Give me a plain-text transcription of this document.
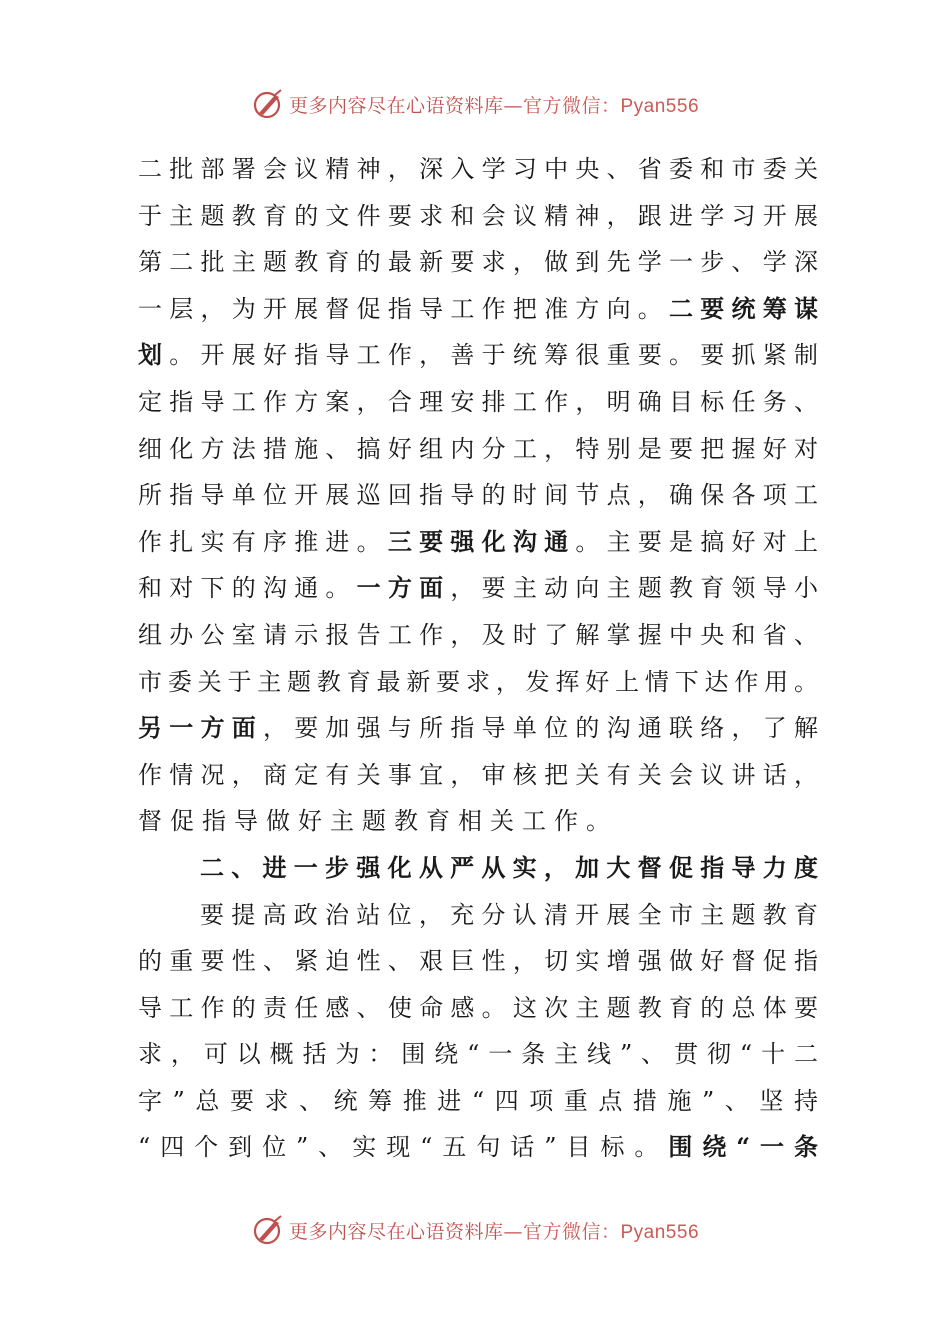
更多内容尽在心语资料库—官方微信：Pyan556
二批部署会议精神，深入学习中央、省委和市委关
于主题教育的文件要求和会议精神，跟进学习开展
第二批主题教育的最新要求，做到先学一步、学深
一层，为开展督促指导工作把准方向。二要统筹谋
划。开展好指导工作，善于统筹很重要。要抓紧制
定指导工作方案，合理安排工作，明确目标任务、
细化方法措施、搞好组内分工，特别是要把握好对
所指导单位开展巡回指导的时间节点，确保各项工
作扎实有序推进。三要强化沟通。主要是搞好对上
和对下的沟通。一方面，要主动向主题教育领导小
组办公室请示报告工作，及时了解掌握中央和省、
市委关于主题教育最新要求，发挥好上情下达作用。
另一方面，要加强与所指导单位的沟通联络，了解
作情况，商定有关事宜，审核把关有关会议讲话，
督促指导做好主题教育相关工作。
二、进一步强化从严从实，加大督促指导力度
要提高政治站位，充分认清开展全市主题教育
的重要性、紧迫性、艰巨性，切实增强做好督促指
导工作的责任感、使命感。这次主题教育的总体要
求，可以概括为：围绕“一条主线”、贯彻“十二
字”总要求、统筹推进“四项重点措施”、坚持
“四个到位”、实现“五句话”目标。围绕“一条
更多内容尽在心语资料库—官方微信：Pyan556
